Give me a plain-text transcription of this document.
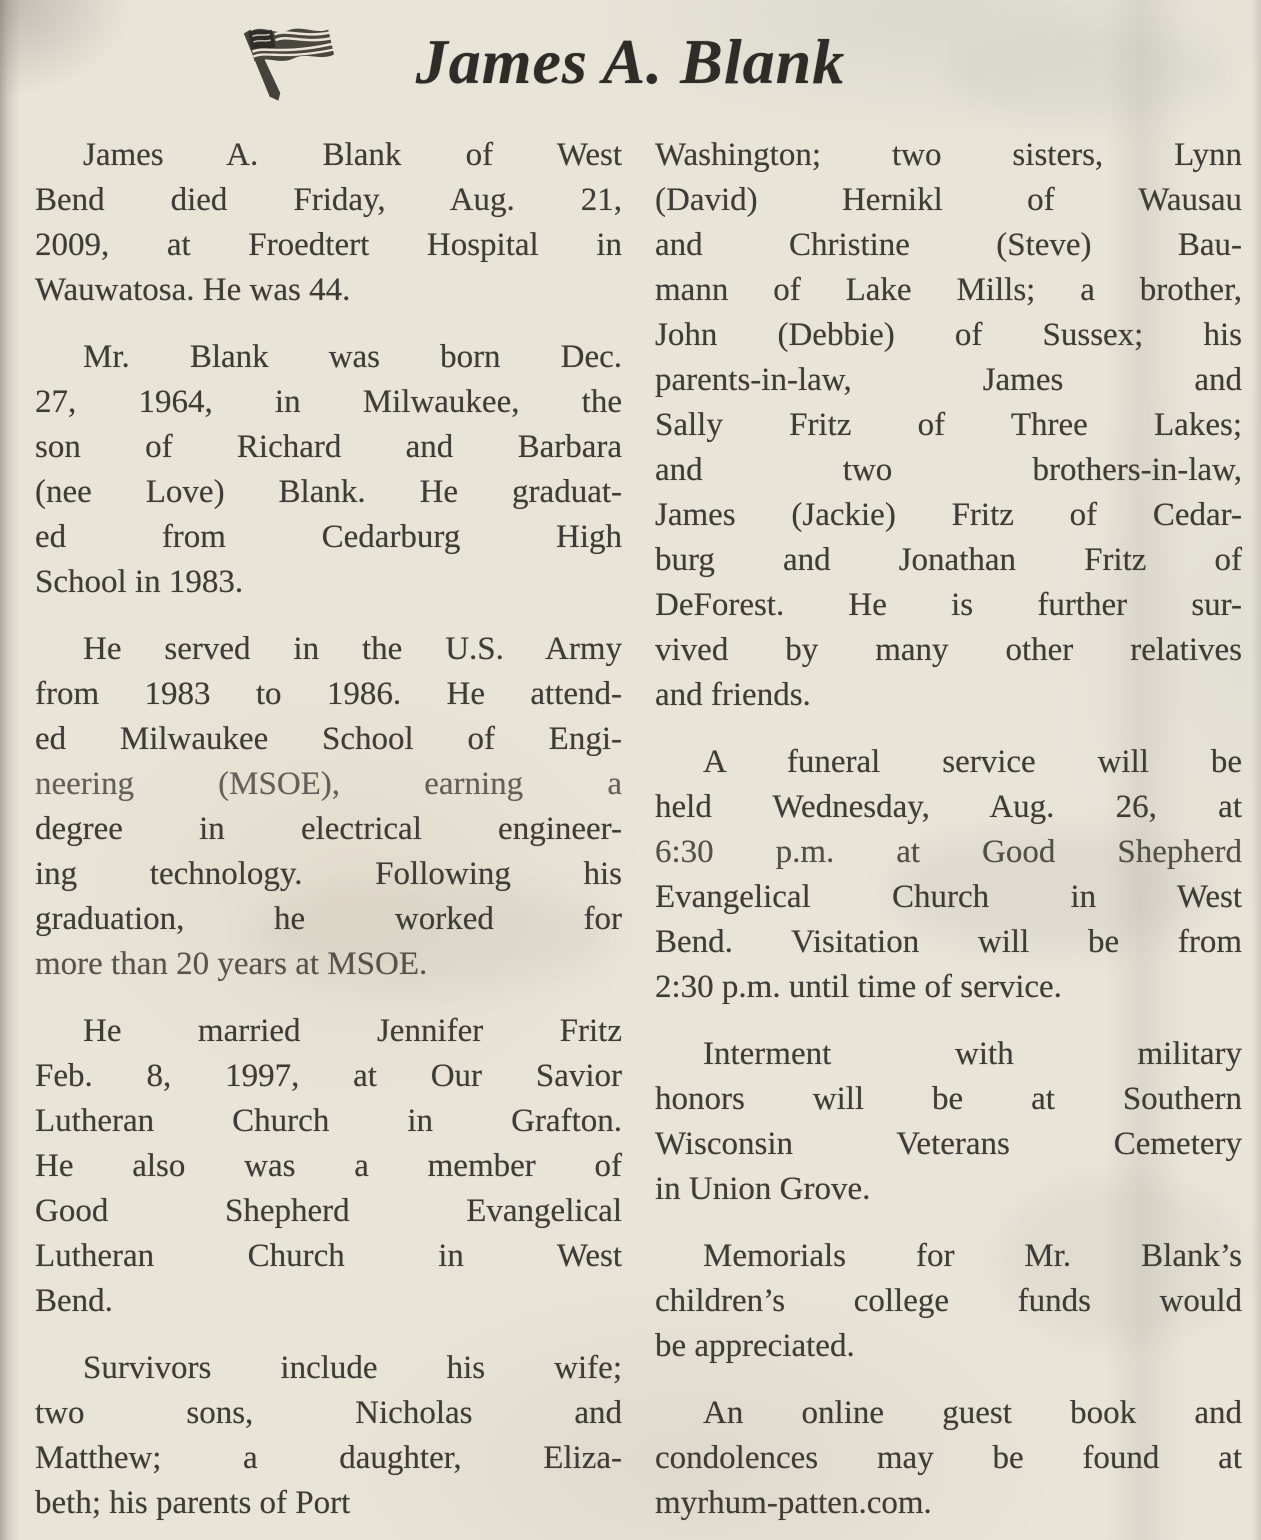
James A. Blank
James A. Blank of West
Bend died Friday, Aug. 21,
2009, at Froedtert Hospital in
Wauwatosa. He was 44.
Mr. Blank was born Dec.
27, 1964, in Milwaukee, the
son of Richard and Barbara
(nee Love) Blank. He graduat-
ed from Cedarburg High
School in 1983.
He served in the U.S. Army
from 1983 to 1986. He attend-
ed Milwaukee School of Engi-
neering (MSOE), earning a
degree in electrical engineer-
ing technology. Following his
graduation, he worked for
more than 20 years at MSOE.
He married Jennifer Fritz
Feb. 8, 1997, at Our Savior
Lutheran Church in Grafton.
He also was a member of
Good Shepherd Evangelical
Lutheran Church in West
Bend.
Survivors include his wife;
two sons, Nicholas and
Matthew; a daughter, Eliza-
beth; his parents of Port
Washington; two sisters, Lynn
(David) Hernikl of Wausau
and Christine (Steve) Bau-
mann of Lake Mills; a brother,
John (Debbie) of Sussex; his
parents-in-law, James and
Sally Fritz of Three Lakes;
and two brothers-in-law,
James (Jackie) Fritz of Cedar-
burg and Jonathan Fritz of
DeForest. He is further sur-
vived by many other relatives
and friends.
A funeral service will be
held Wednesday, Aug. 26, at
6:30 p.m. at Good Shepherd
Evangelical Church in West
Bend. Visitation will be from
2:30 p.m. until time of service.
Interment with military
honors will be at Southern
Wisconsin Veterans Cemetery
in Union Grove.
Memorials for Mr. Blank’s
children’s college funds would
be appreciated.
An online guest book and
condolences may be found at
myrhum-patten.com.
